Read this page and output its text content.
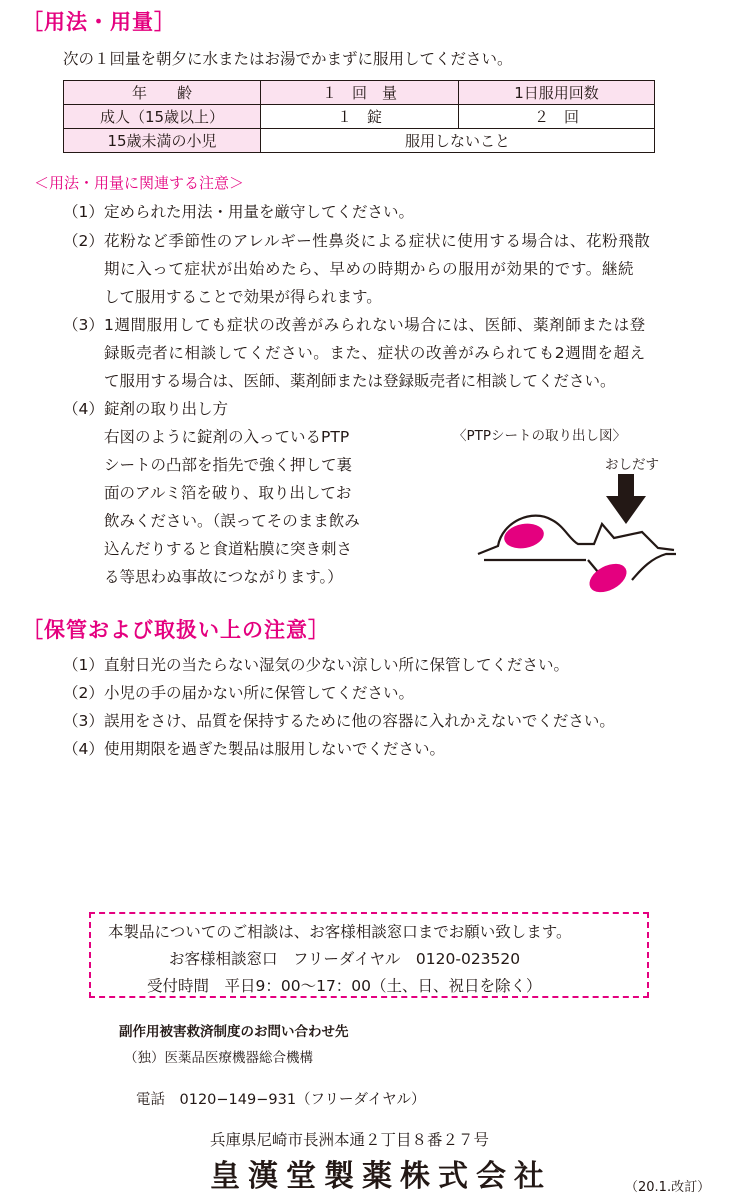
［用法・用量］
次の１回量を朝夕に水またはお湯でかまずに服用してください。
年　　齢	１　回　量	1日服用回数
成人（15歳以上）	１　錠	２　回
15歳未満の小児	服用しないこと	
＜用法・用量に関連する注意＞
（1） 定められた用法・用量を厳守してください。
（2） 花粉など季節性のアレルギー性鼻炎による症状に使用する場合は、花粉飛散
期に入って症状が出始めたら、早めの時期からの服用が効果的です。継続
して服用することで効果が得られます。
（3） 1週間服用しても症状の改善がみられない場合には、医師、薬剤師または登
録販売者に相談してください。また、症状の改善がみられても2週間を超え
て服用する場合は、医師、薬剤師または登録販売者に相談してください。
（4） 錠剤の取り出し方
右図のように錠剤の入っているPTP
シートの凸部を指先で強く押して裏
面のアルミ箔を破り、取り出してお
飲みください。（誤ってそのまま飲み
込んだりすると食道粘膜に突き刺さ
る等思わぬ事故につながります。）
〈PTPシートの取り出し図〉
おしだす
［保管および取扱い上の注意］
（1） 直射日光の当たらない湿気の少ない涼しい所に保管してください。
（2） 小児の手の届かない所に保管してください。
（3） 誤用をさけ、品質を保持するために他の容器に入れかえないでください。
（4） 使用期限を過ぎた製品は服用しないでください。
本製品についてのご相談は、お客様相談窓口までお願い致します。
お客様相談窓口　フリーダイヤル　0120-023520
受付時間　平日9：00〜17：00（土、日、祝日を除く）
副作用被害救済制度のお問い合わせ先
（独）医薬品医療機器総合機構
電話　0120−149−931（フリーダイヤル）
兵庫県尼崎市長洲本通２丁目８番２７号
皇漢堂製薬株式会社	（20.1.改訂）
